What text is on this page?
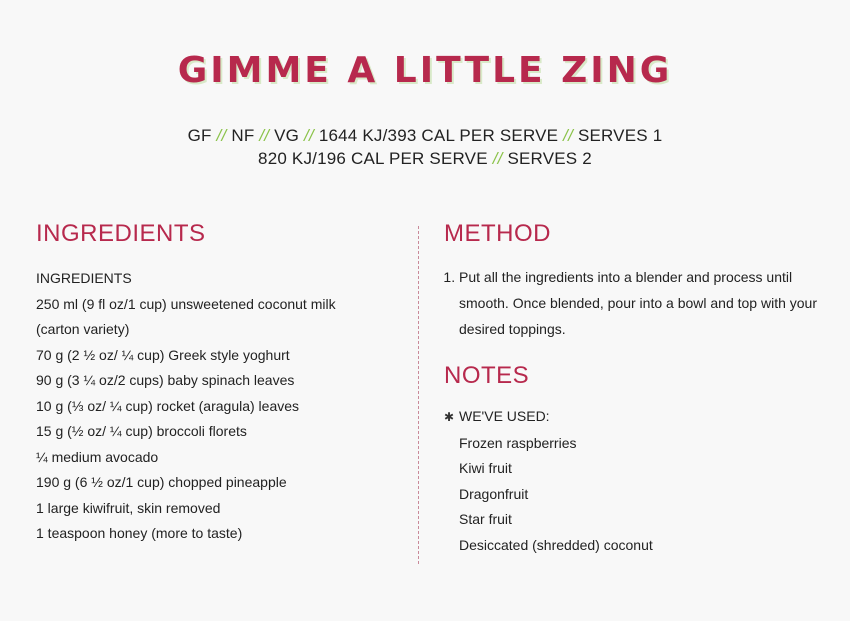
GIMME A LITTLE ZING
GF // NF // VG // 1644 KJ/393 CAL PER SERVE // SERVES 1
820 KJ/196 CAL PER SERVE // SERVES 2
INGREDIENTS
INGREDIENTS
250 ml (9 fl oz/1 cup) unsweetened coconut milk
(carton variety)
70 g (2 ½ oz/ ¼ cup) Greek style yoghurt
90 g (3 ¼ oz/2 cups) baby spinach leaves
10 g (⅓ oz/ ¼ cup) rocket (aragula) leaves
15 g (½ oz/ ¼ cup) broccoli florets
¼ medium avocado
190 g (6 ½ oz/1 cup) chopped pineapple
1 large kiwifruit, skin removed
1 teaspoon honey (more to taste)
METHOD
1. Put all the ingredients into a blender and process until smooth. Once blended, pour into a bowl and top with your desired toppings.
NOTES
✱ WE'VE USED:
Frozen raspberries
Kiwi fruit
Dragonfruit
Star fruit
Desiccated (shredded) coconut
